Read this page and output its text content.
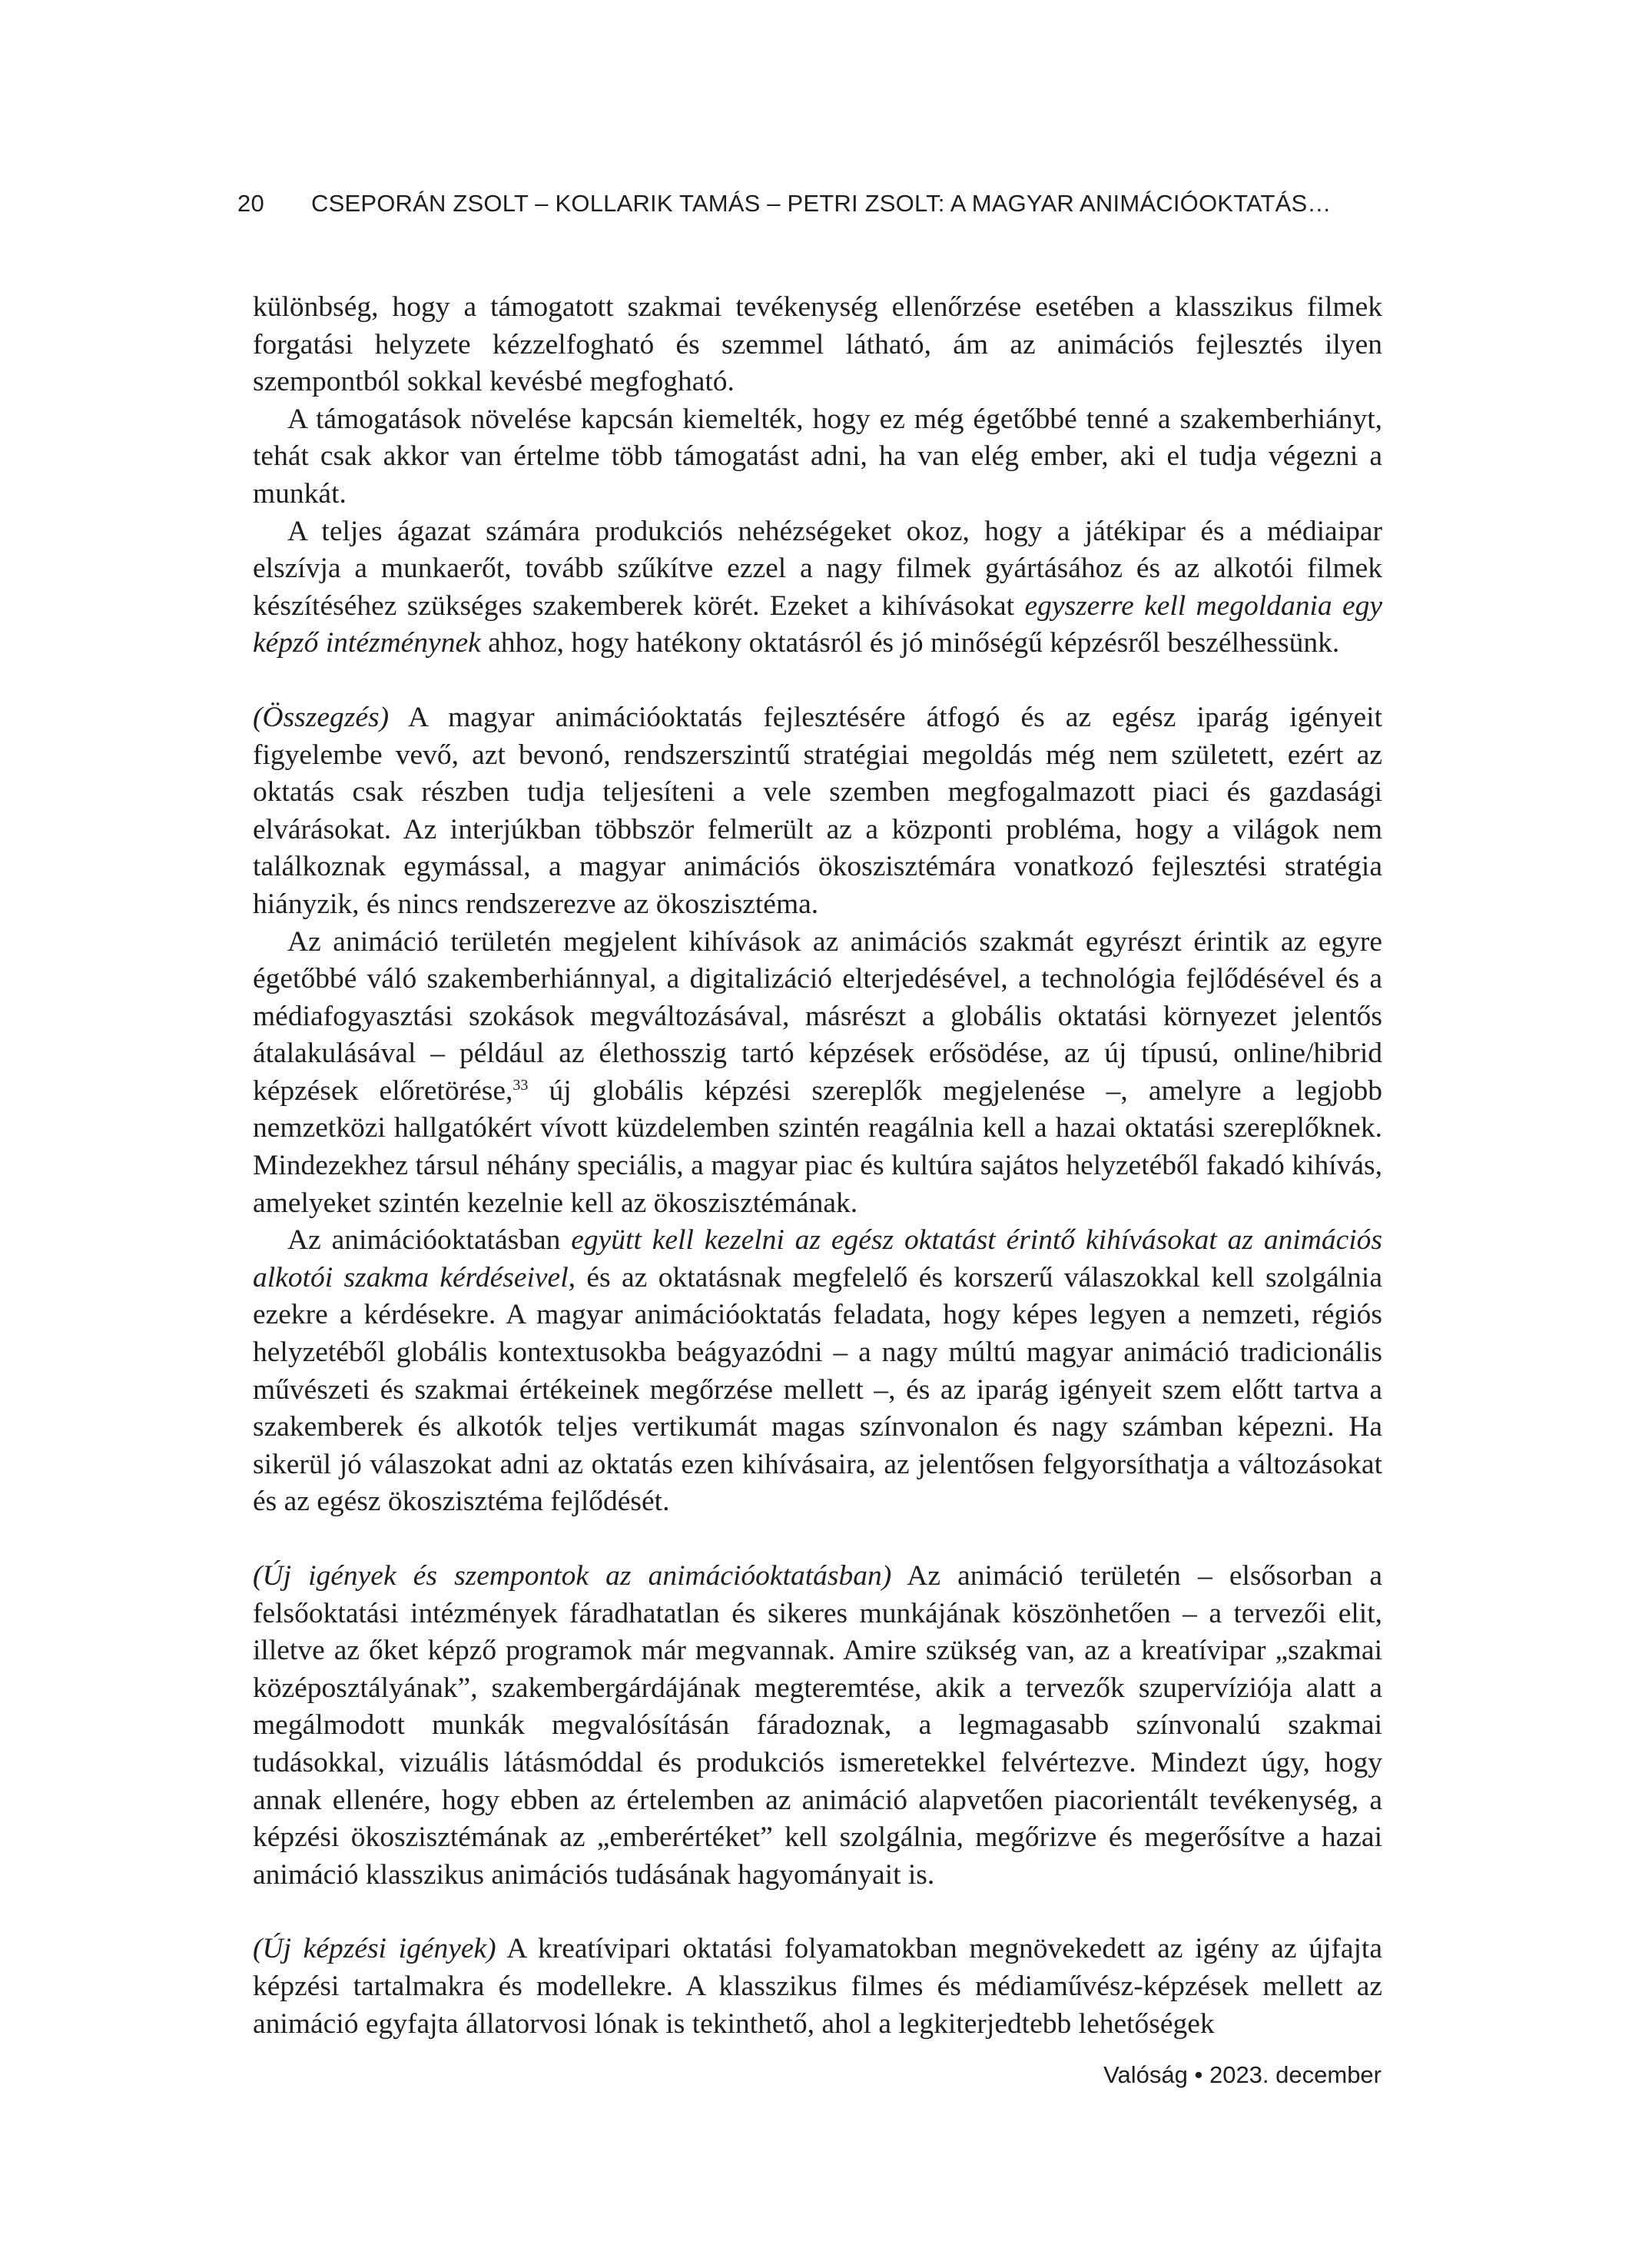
20 CSEPORÁN ZSOLT – KOLLARIK TAMÁS – PETRI ZSOLT: A MAGYAR ANIMÁCIÓOKTATÁS…

különbség, hogy a támogatott szakmai tevékenység ellenőrzése esetében a klasszikus filmek forgatási helyzete kézzelfogható és szemmel látható, ám az animációs fejlesztés ilyen szempontból sokkal kevésbé megfogható.

A támogatások növelése kapcsán kiemelték, hogy ez még égetőbbé tenné a szakemberhiányt, tehát csak akkor van értelme több támogatást adni, ha van elég ember, aki el tudja végezni a munkát.

A teljes ágazat számára produkciós nehézségeket okoz, hogy a játékipar és a médiaipar elszívja a munkaerőt, tovább szűkítve ezzel a nagy filmek gyártásához és az alkotói filmek készítéséhez szükséges szakemberek körét. Ezeket a kihívásokat egyszerre kell megoldania egy képző intézménynek ahhoz, hogy hatékony oktatásról és jó minőségű képzésről beszélhessünk.

(Összegzés) A magyar animációoktatás fejlesztésére átfogó és az egész iparág igényeit figyelembe vevő, azt bevonó, rendszerszintű stratégiai megoldás még nem született, ezért az oktatás csak részben tudja teljesíteni a vele szemben megfogalmazott piaci és gazdasági elvárásokat. Az interjúkban többször felmerült az a központi probléma, hogy a világok nem találkoznak egymással, a magyar animációs ökoszisztémára vonatkozó fejlesztési stratégia hiányzik, és nincs rendszerezve az ökoszisztéma.

Az animáció területén megjelent kihívások az animációs szakmát egyrészt érintik az egyre égetőbbé váló szakemberhiánnyal, a digitalizáció elterjedésével, a technológia fejlődésével és a médiafogyasztási szokások megváltozásával, másrészt a globális oktatási környezet jelentős átalakulásával – például az élethosszig tartó képzések erősödése, az új típusú, online/hibrid képzések előretörése,$^{33}$ új globális képzési szereplők megjelenése –, amelyre a legjobb nemzetközi hallgatókért vívott küzdelemben szintén reagálnia kell a hazai oktatási szereplőknek. Mindezekhez társul néhány speciális, a magyar piac és kultúra sajátos helyzetéből fakadó kihívás, amelyeket szintén kezelnie kell az ökoszisztémának.

Az animációoktatásban együtt kell kezelni az egész oktatást érintő kihívásokat az animációs alkotói szakma kérdéseivel, és az oktatásnak megfelelő és korszerű válaszokkal kell szolgálnia ezekre a kérdésekre. A magyar animációoktatás feladata, hogy képes legyen a nemzeti, régiós helyzetéből globális kontextusokba beágyazódni – a nagy múltú magyar animáció tradicionális művészeti és szakmai értékeinek megőrzése mellett –, és az iparág igényeit szem előtt tartva a szakemberek és alkotók teljes vertikumát magas színvonalon és nagy számban képezni. Ha sikerül jó válaszokat adni az oktatás ezen kihívásaira, az jelentősen felgyorsíthatja a változásokat és az egész ökoszisztéma fejlődését.

(Új igények és szempontok az animációoktatásban) Az animáció területén – elsősorban a felsőoktatási intézmények fáradhatatlan és sikeres munkájának köszönhetően – a tervezői elit, illetve az őket képző programok már megvannak. Amire szükség van, az a kreatívipar „szakmai középosztályának”, szakembergárdájának megteremtése, akik a tervezők szupervíziója alatt a megálmodott munkák megvalósításán fáradoznak, a legmagasabb színvonalú szakmai tudásokkal, vizuális látásmóddal és produkciós ismeretekkel felvértezve. Mindezt úgy, hogy annak ellenére, hogy ebben az értelemben az animáció alapvetően piacorientált tevékenység, a képzési ökoszisztémának az „emberértéket” kell szolgálnia, megőrizve és megerősítve a hazai animáció klasszikus animációs tudásának hagyományait is.

(Új képzési igények) A kreatívipari oktatási folyamatokban megnövekedett az igény az újfajta képzési tartalmakra és modellekre. A klasszikus filmes és médiaművész-képzések mellett az animáció egyfajta állatorvosi lónak is tekinthető, ahol a legkiterjedtebb lehetőségek

Valóság • 2023. december
